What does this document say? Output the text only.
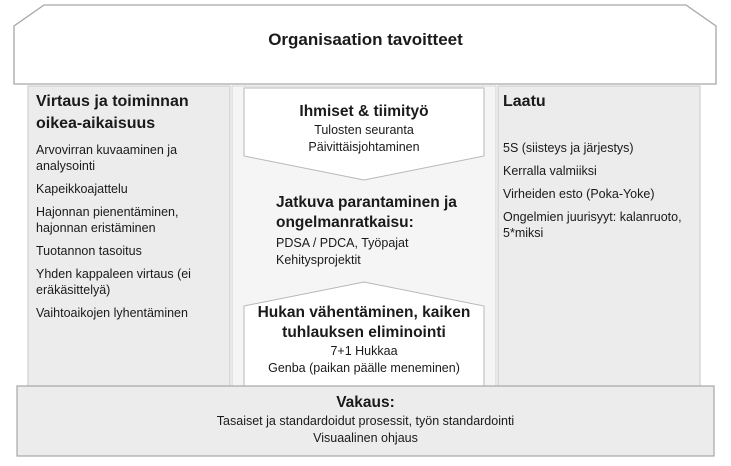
Organisaation tavoitteet
Virtaus ja toiminnan oikea-aikaisuus
Arvovirran kuvaaminen ja analysointi
Kapeikkoajattelu
Hajonnan pienentäminen, hajonnan eristäminen
Tuotannon tasoitus
Yhden kappaleen virtaus (ei eräkäsittelyä)
Vaihtoaikojen lyhentäminen
Laatu
5S (siisteys ja järjestys)
Kerralla valmiiksi
Virheiden esto (Poka-Yoke)
Ongelmien juurisyyt: kalanruoto, 5*miksi
Ihmiset & tiimityö
Tulosten seuranta
Päivittäisjohtaminen
Jatkuva parantaminen ja ongelmanratkaisu:
PDSA / PDCA, Työpajat
Kehitysprojektit
Hukan vähentäminen, kaiken tuhlauksen eliminointi
7+1 Hukkaa
Genba (paikan päälle meneminen)
Vakaus:
Tasaiset ja standardoidut prosessit, työn standardointi
Visuaalinen ohjaus
